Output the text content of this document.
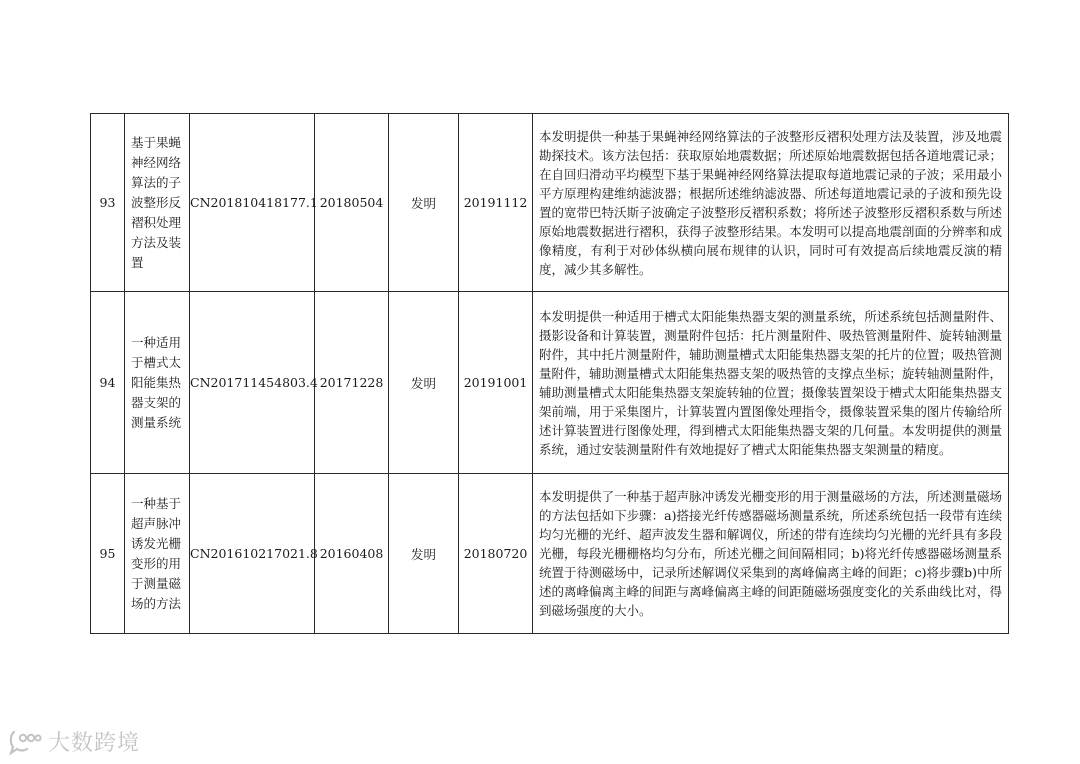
93	基于果蝇神经网络算法的子波整形反褶积处理方法及装置	CN201810418177.1	20180504	发明	20191112	本发明提供一种基于果蝇神经网络算法的子波整形反褶积处理方法及装置，涉及地震勘探技术。该方法包括：获取原始地震数据；所述原始地震数据包括各道地震记录；在自回归滑动平均模型下基于果蝇神经网络算法提取每道地震记录的子波；采用最小平方原理构建维纳滤波器；根据所述维纳滤波器、所述每道地震记录的子波和预先设置的宽带巴特沃斯子波确定子波整形反褶积系数；将所述子波整形反褶积系数与所述原始地震数据进行褶积，获得子波整形结果。本发明可以提高地震剖面的分辨率和成像精度，有利于对砂体纵横向展布规律的认识，同时可有效提高后续地震反演的精度，减少其多解性。
94	一种适用于槽式太阳能集热器支架的测量系统	CN201711454803.4	20171228	发明	20191001	本发明提供一种适用于槽式太阳能集热器支架的测量系统，所述系统包括测量附件、摄影设备和计算装置，测量附件包括：托片测量附件、吸热管测量附件、旋转轴测量附件，其中托片测量附件，辅助测量槽式太阳能集热器支架的托片的位置；吸热管测量附件，辅助测量槽式太阳能集热器支架的吸热管的支撑点坐标；旋转轴测量附件，辅助测量槽式太阳能集热器支架旋转轴的位置；摄像装置架设于槽式太阳能集热器支架前端，用于采集图片，计算装置内置图像处理指令，摄像装置采集的图片传输给所述计算装置进行图像处理，得到槽式太阳能集热器支架的几何量。本发明提供的测量系统，通过安装测量附件有效地提好了槽式太阳能集热器支架测量的精度。
95	一种基于超声脉冲诱发光栅变形的用于测量磁场的方法	CN201610217021.8	20160408	发明	20180720	本发明提供了一种基于超声脉冲诱发光栅变形的用于测量磁场的方法，所述测量磁场的方法包括如下步骤：a)搭接光纤传感器磁场测量系统，所述系统包括一段带有连续均匀光栅的光纤、超声波发生器和解调仪，所述的带有连续均匀光栅的光纤具有多段光栅，每段光栅栅格均匀分布，所述光栅之间间隔相同；b)将光纤传感器磁场测量系统置于待测磁场中，记录所述解调仪采集到的离峰偏离主峰的间距；c)将步骤b)中所述的离峰偏离主峰的间距与离峰偏离主峰的间距随磁场强度变化的关系曲线比对，得到磁场强度的大小。
大数跨境
